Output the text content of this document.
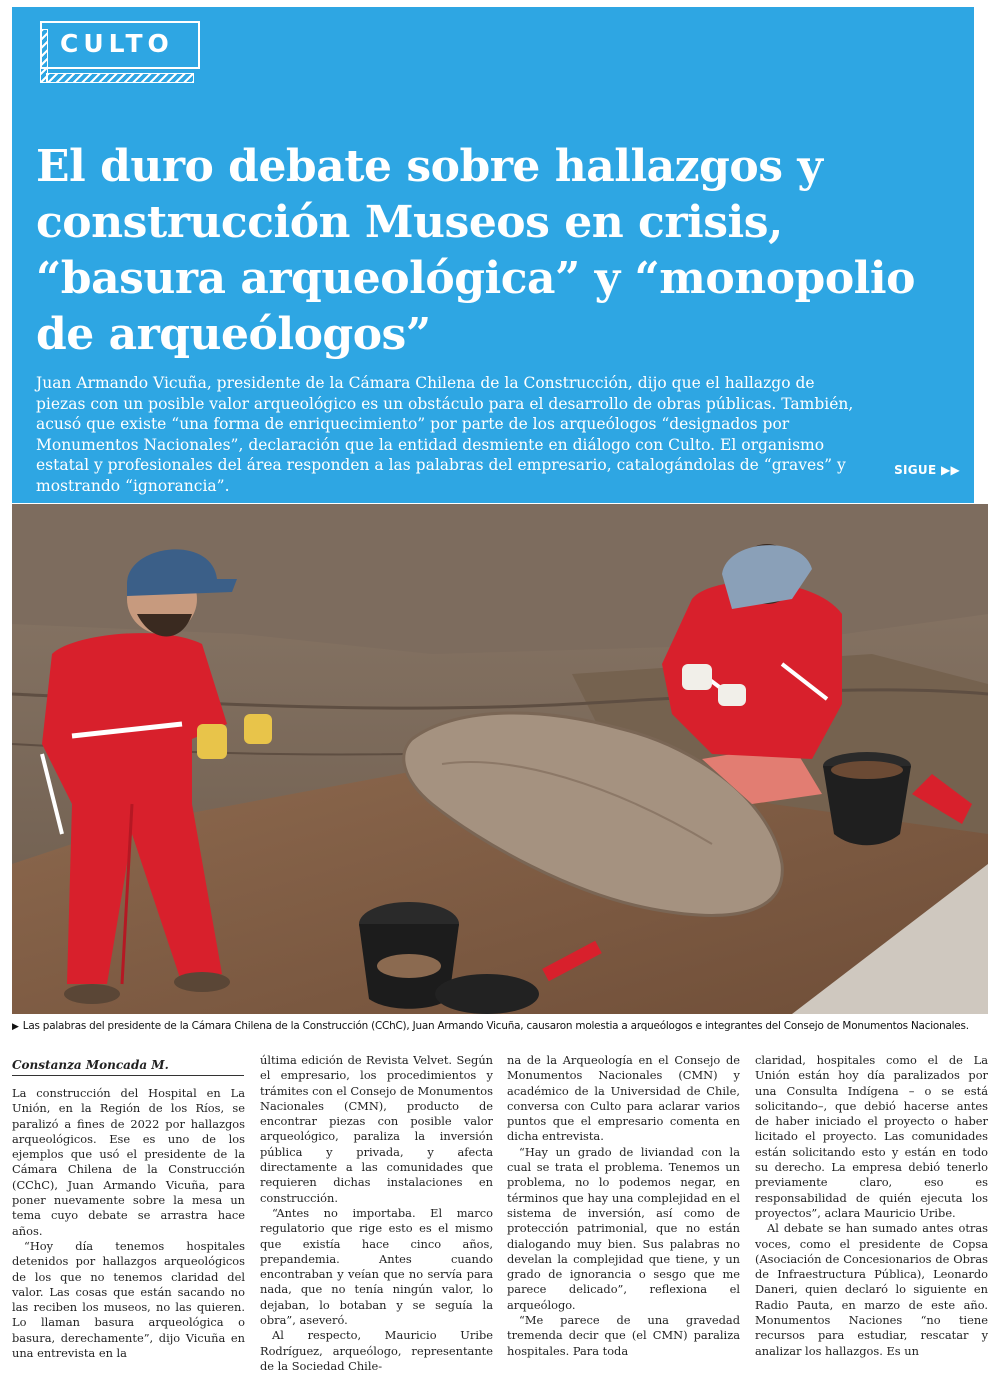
CULTO
El duro debate sobre hallazgos y construcción Museos en crisis, “basura arqueológica” y “monopolio de arqueólogos”

Juan Armando Vicuña, presidente de la Cámara Chilena de la Construcción, dijo que el hallazgo de piezas con un posible valor arqueológico es un obstáculo para el desarrollo de obras públicas. También, acusó que existe “una forma de enriquecimiento” por parte de los arqueólogos “designados por Monumentos Nacionales”, declaración que la entidad desmiente en diálogo con Culto. El organismo estatal y profesionales del área responden a las palabras del empresario, catalogándolas de “graves” y mostrando “ignorancia”.

SIGUE ▶▶
▶ Las palabras del presidente de la Cámara Chilena de la Construcción (CChC), Juan Armando Vicuña, causaron molestia a arqueólogos e integrantes del Consejo de Monumentos Nacionales.
Constanza Moncada M.

La construcción del Hospital en La Unión, en la Región de los Ríos, se paralizó a fines de 2022 por hallazgos arqueológicos. Ese es uno de los ejemplos que usó el presidente de la Cámara Chilena de la Construcción (CChC), Juan Armando Vicuña, para poner nuevamente sobre la mesa un tema cuyo debate se arrastra hace años.

“Hoy día tenemos hospitales detenidos por hallazgos arqueológicos de los que no tenemos claridad del valor. Las cosas que están sacando no las reciben los museos, no las quieren. Lo llaman basura arqueológica o basura, derechamente”, dijo Vicuña en una entrevista en la

última edición de Revista Velvet. Según el empresario, los procedimientos y trámites con el Consejo de Monumentos Nacionales (CMN), producto de encontrar piezas con posible valor arqueológico, paraliza la inversión pública y privada, y afecta directamente a las comunidades que requieren dichas instalaciones en construcción.

“Antes no importaba. El marco regulatorio que rige esto es el mismo que existía hace cinco años, prepandemia. Antes cuando encontraban y veían que no servía para nada, que no tenía ningún valor, lo dejaban, lo botaban y se seguía la obra”, aseveró.

Al respecto, Mauricio Uribe Rodríguez, arqueólogo, representante de la Sociedad Chile-

na de la Arqueología en el Consejo de Monumentos Nacionales (CMN) y académico de la Universidad de Chile, conversa con Culto para aclarar varios puntos que el empresario comenta en dicha entrevista.

“Hay un grado de liviandad con la cual se trata el problema. Tenemos un problema, no lo podemos negar, en términos que hay una complejidad en el sistema de inversión, así como de protección patrimonial, que no están dialogando muy bien. Sus palabras no develan la complejidad que tiene, y un grado de ignorancia o sesgo que me parece delicado”, reflexiona el arqueólogo.

“Me parece de una gravedad tremenda decir que (el CMN) paraliza hospitales. Para toda

claridad, hospitales como el de La Unión están hoy día paralizados por una Consulta Indígena – o se está solicitando–, que debió hacerse antes de haber iniciado el proyecto o haber licitado el proyecto. Las comunidades están solicitando esto y están en todo su derecho. La empresa debió tenerlo previamente claro, eso es responsabilidad de quién ejecuta los proyectos”, aclara Mauricio Uribe.

Al debate se han sumado antes otras voces, como el presidente de Copsa (Asociación de Concesionarios de Obras de Infraestructura Pública), Leonardo Daneri, quien declaró lo siguiente en Radio Pauta, en marzo de este año. Monumentos Naciones “no tiene recursos para estudiar, rescatar y analizar los hallazgos. Es un
